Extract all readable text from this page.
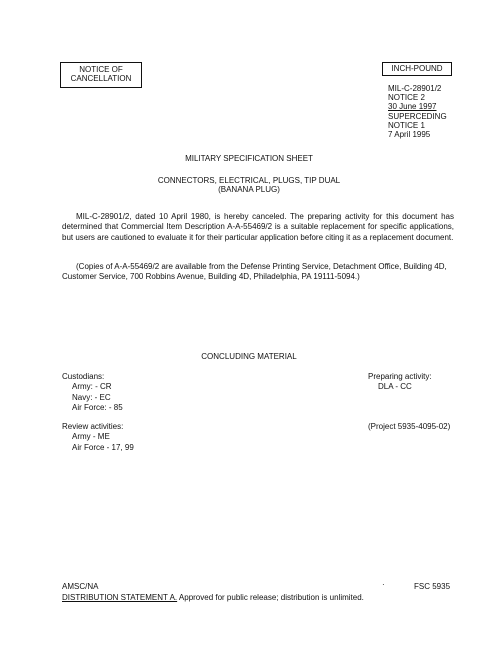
NOTICE OF
CANCELLATION
INCH-POUND
MIL-C-28901/2
NOTICE 2
30 June 1997
SUPERCEDING
NOTICE 1
7 April 1995
MILITARY SPECIFICATION SHEET
CONNECTORS, ELECTRICAL, PLUGS, TIP DUAL
(BANANA PLUG)
MIL-C-28901/2, dated 10 April 1980, is hereby canceled. The preparing activity for this document has determined that Commercial Item Description A-A-55469/2 is a suitable replacement for specific applications, but users are cautioned to evaluate it for their particular application before citing it as a replacement document.
(Copies of A-A-55469/2 are available from the Defense Printing Service, Detachment Office, Building 4D, Customer Service, 700 Robbins Avenue, Building 4D, Philadelphia, PA 19111-5094.)
CONCLUDING MATERIAL
Custodians:
Army: - CR
Navy: - EC
Air Force: - 85
Review activities:
Army - ME
Air Force - 17, 99
Preparing activity:
DLA - CC
(Project 5935-4095-02)
AMSC/NA	·	FSC 5935
DISTRIBUTION STATEMENT A. Approved for public release; distribution is unlimited.
